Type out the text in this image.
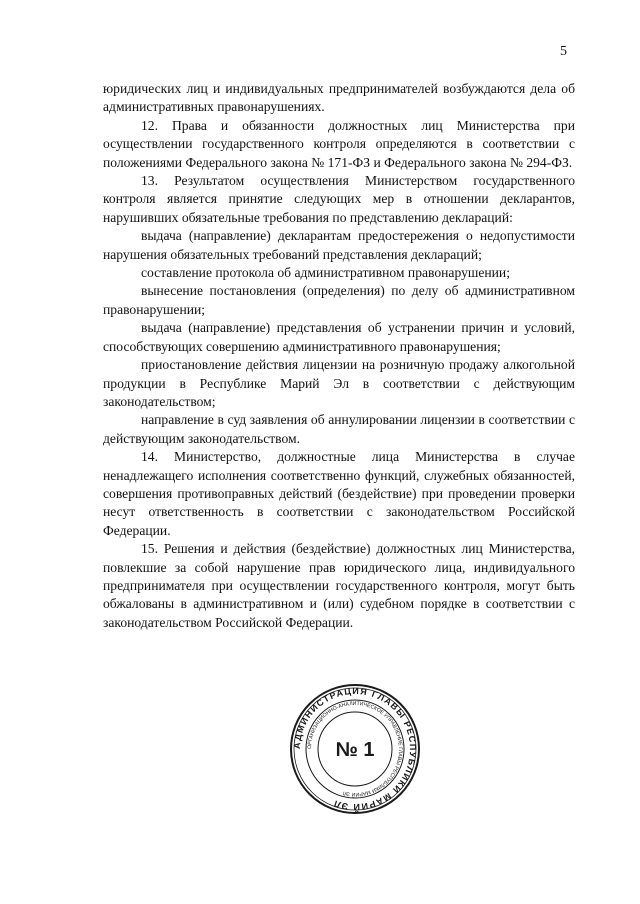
5

юридических лиц и индивидуальных предпринимателей возбуждаются дела об административных правонарушениях.

12. Права и обязанности должностных лиц Министерства при осуществлении государственного контроля определяются в соответствии с положениями Федерального закона № 171-ФЗ и Федерального закона № 294-ФЗ.

13. Результатом осуществления Министерством государственного контроля является принятие следующих мер в отношении декларантов, нарушивших обязательные требования по представлению деклараций:

выдача (направление) декларантам предостережения о недопустимости нарушения обязательных требований представления деклараций;

составление протокола об административном правонарушении;

вынесение постановления (определения) по делу об административном правонарушении;

выдача (направление) представления об устранении причин и условий, способствующих совершению административного правонарушения;

приостановление действия лицензии на розничную продажу алкогольной продукции в Республике Марий Эл в соответствии с действующим законодательством;

направление в суд заявления об аннулировании лицензии в соответствии с действующим законодательством.

14. Министерство, должностные лица Министерства в случае ненадлежащего исполнения соответственно функций, служебных обязанностей, совершения противоправных действий (бездействие) при проведении проверки несут ответственность в соответствии с законодательством Российской Федерации.

15. Решения и действия (бездействие) должностных лиц Министерства, повлекшие за собой нарушение прав юридического лица, индивидуального предпринимателя при осуществлении государственного контроля, могут быть обжалованы в административном и (или) судебном порядке в соответствии с законодательством Российской Федерации.

АДМИНИСТРАЦИЯ ГЛАВЫ РЕСПУБЛИКИ МАРИЙ ЭЛ
ОРГАНИЗАЦИОННО-АНАЛИТИЧЕСКОЕ УПРАВЛЕНИЕ ГЛАВЫ РЕСПУБЛИКИ МАРИЙ ЭЛ
№ 1
